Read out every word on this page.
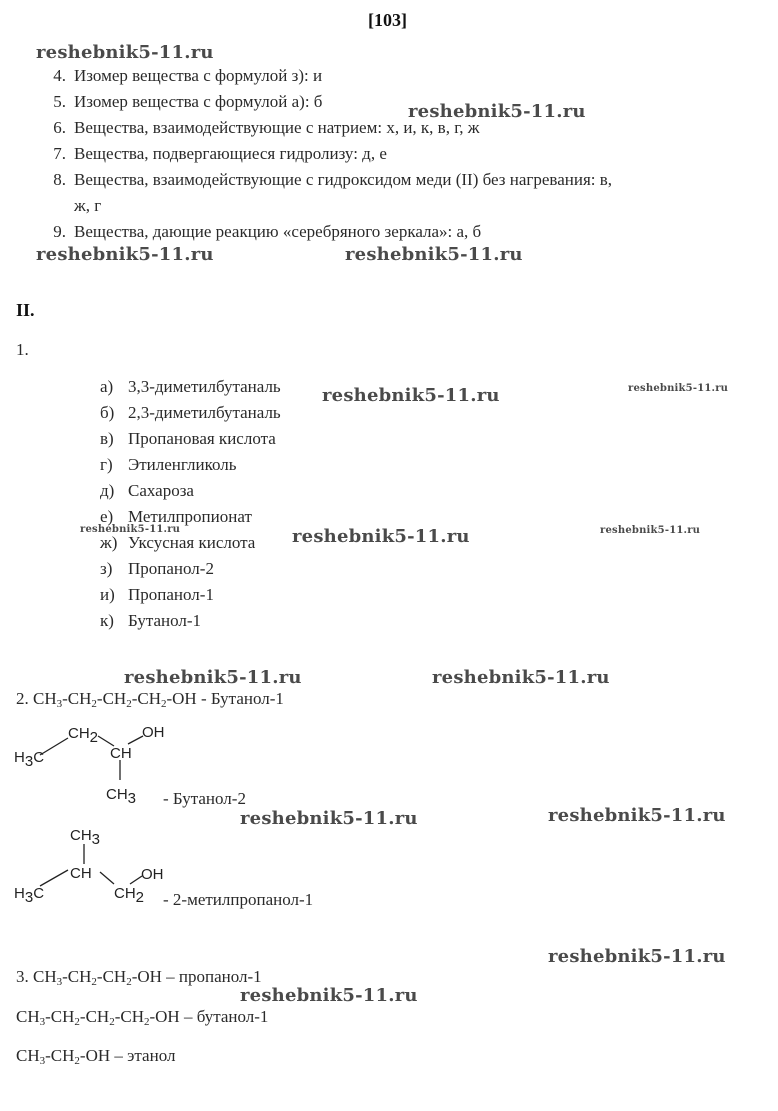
[103]
reshebnik5-11.ru
reshebnik5-11.ru
reshebnik5-11.ru	reshebnik5-11.ru
reshebnik5-11.ru	reshebnik5-11.ru
reshebnik5-11.ru	reshebnik5-11.ru	reshebnik5-11.ru
reshebnik5-11.ru	reshebnik5-11.ru
reshebnik5-11.ru	reshebnik5-11.ru
reshebnik5-11.ru
reshebnik5-11.ru
4. Изомер вещества с формулой з): и
5. Изомер вещества с формулой а): б
6. Вещества, взаимодействующие с натрием: х, и, к, в, г, ж
7. Вещества, подвергающиеся гидролизу: д, е
8. Вещества, взаимодействующие с гидроксидом меди (II) без нагревания: в,
ж, г
9. Вещества, дающие реакцию «серебряного зеркала»: а, б
II.
1.
а) 3,3-диметилбутаналь
б) 2,3-диметилбутаналь
в) Пропановая кислота
г) Этиленгликоль
д) Сахароза
е) Метилпропионат
ж) Уксусная кислота
з) Пропанол-2
и) Пропанол-1
к) Бутанол-1
2. $CH_3-CH_2-CH_2-CH_2-OH$ - Бутанол-1
H3C
CH2
CH
OH
CH3 - Бутанол-2
CH3
CH
H3C	CH2
OH
- 2-метилпропанол-1
3. $CH_3-CH_2-CH_2-OH$ – пропанол-1
$CH_3-CH_2-CH_2-CH_2-OH$ – бутанол-1
$CH_3-CH_2-OH$ – этанол
